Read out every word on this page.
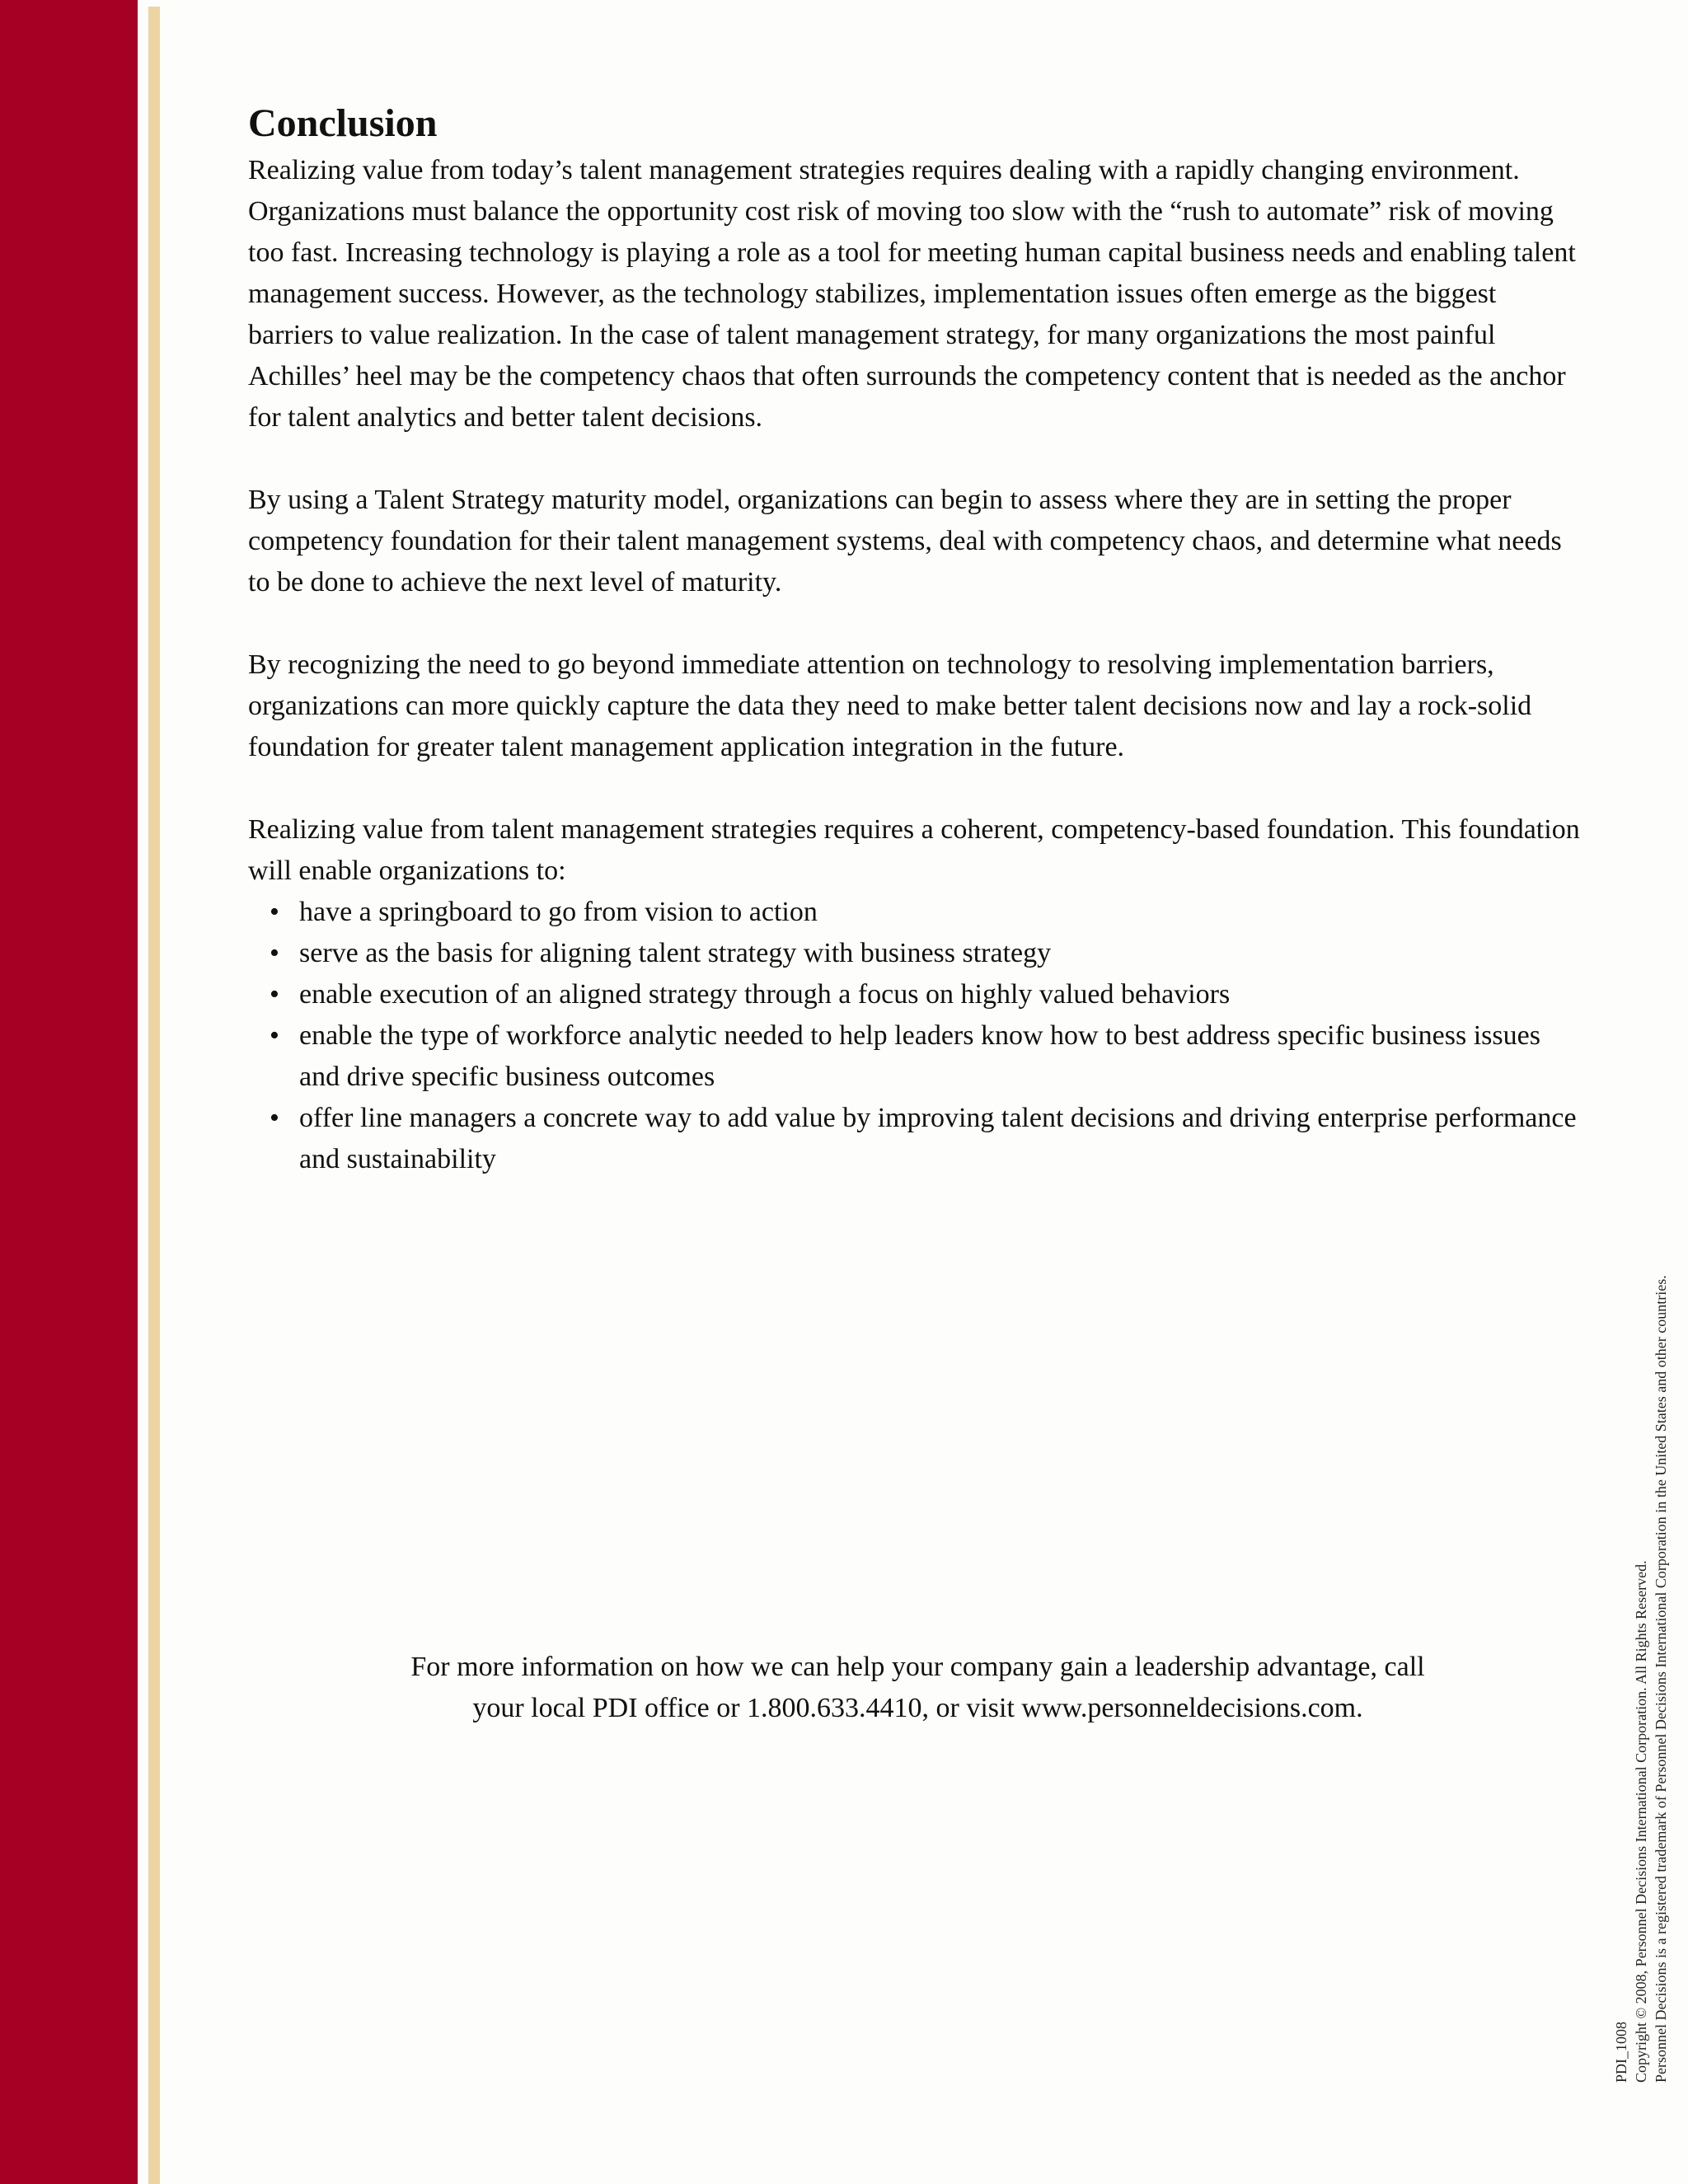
Conclusion

Realizing value from today’s talent management strategies requires dealing with a rapidly changing environment. Organizations must balance the opportunity cost risk of moving too slow with the “rush to automate” risk of moving too fast. Increasing technology is playing a role as a tool for meeting human capital business needs and enabling talent management success. However, as the technology stabilizes, implementation issues often emerge as the biggest barriers to value realization. In the case of talent management strategy, for many organizations the most painful Achilles’ heel may be the competency chaos that often surrounds the competency content that is needed as the anchor for talent analytics and better talent decisions.

By using a Talent Strategy maturity model, organizations can begin to assess where they are in setting the proper competency foundation for their talent management systems, deal with competency chaos, and determine what needs to be done to achieve the next level of maturity.

By recognizing the need to go beyond immediate attention on technology to resolving implementation barriers, organizations can more quickly capture the data they need to make better talent decisions now and lay a rock-solid foundation for greater talent management application integration in the future.

Realizing value from talent management strategies requires a coherent, competency-based foundation. This foundation will enable organizations to:

• have a springboard to go from vision to action
• serve as the basis for aligning talent strategy with business strategy
• enable execution of an aligned strategy through a focus on highly valued behaviors
• enable the type of workforce analytic needed to help leaders know how to best address specific business issues and drive specific business outcomes
• offer line managers a concrete way to add value by improving talent decisions and driving enterprise performance and sustainability
For more information on how we can help your company gain a leadership advantage, call
your local PDI office or 1.800.633.4410, or visit www.personneldecisions.com.
PDI_1008 Copyright © 2008, Personnel Decisions International Corporation. All Rights Reserved. Personnel Decisions is a registered trademark of Personnel Decisions International Corporation in the United States and other countries.
